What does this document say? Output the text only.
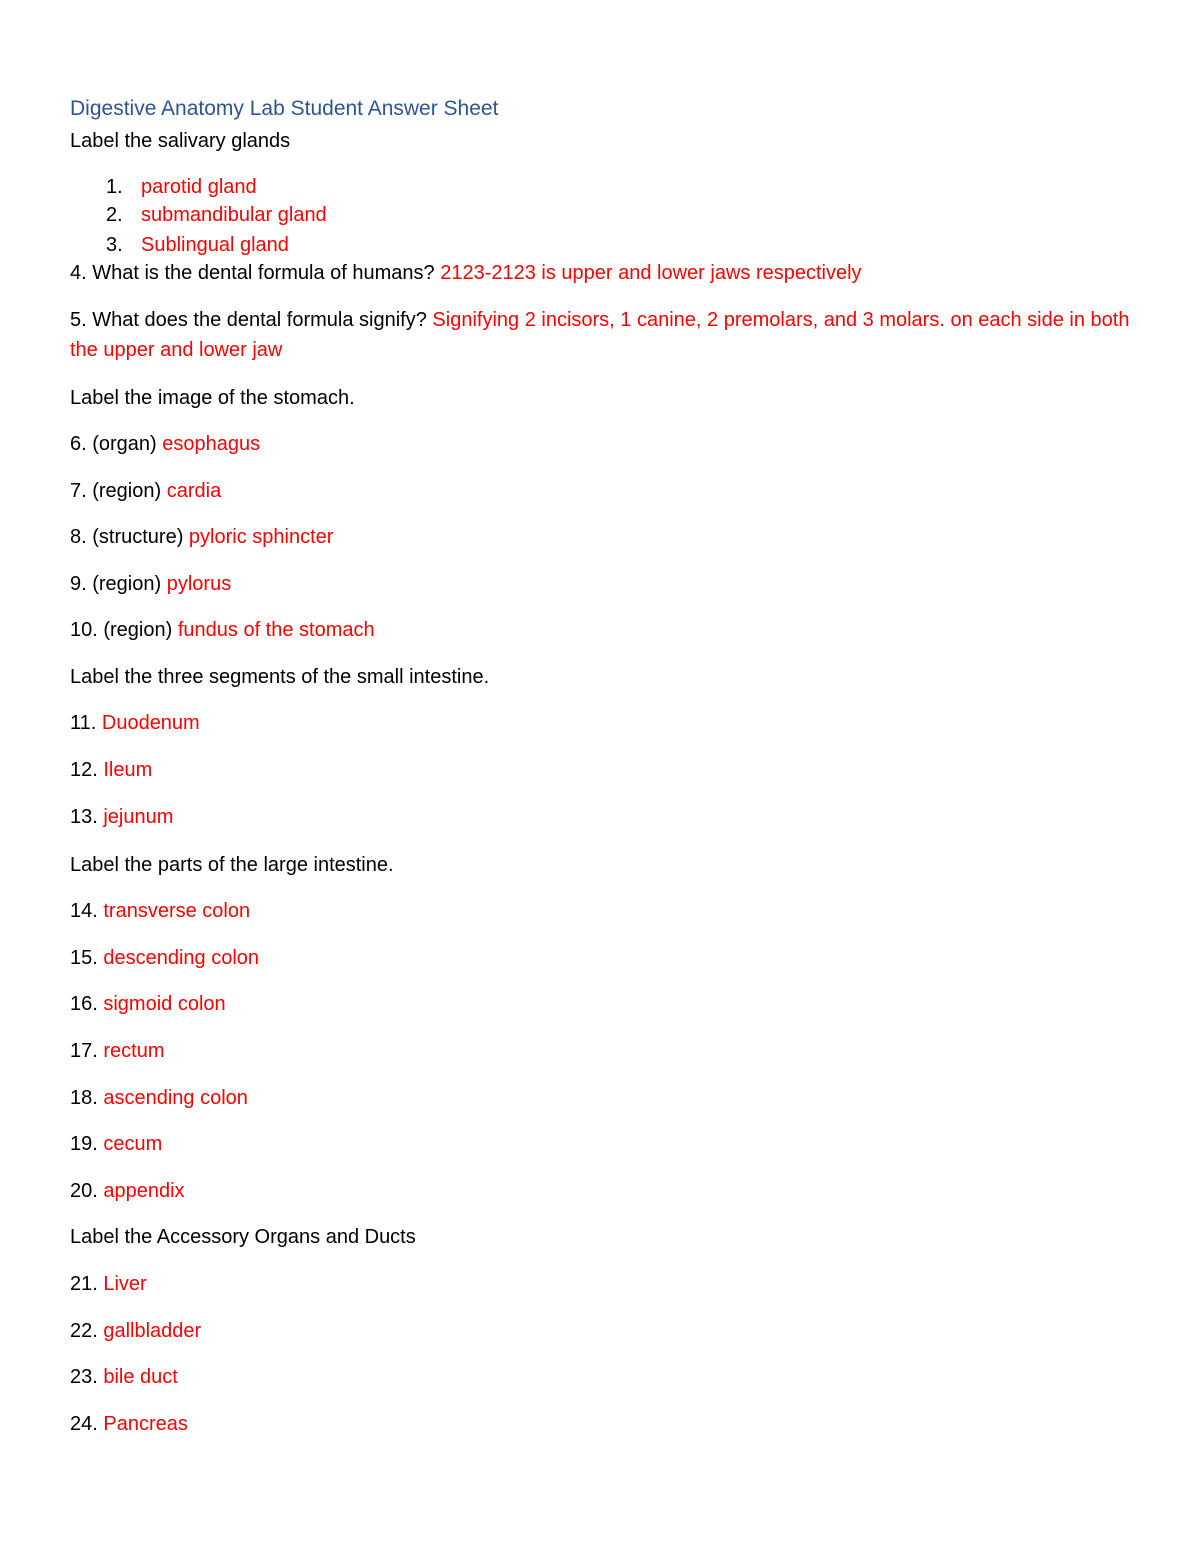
Digestive Anatomy Lab Student Answer Sheet
Label the salivary glands
1. parotid gland
2. submandibular gland
3. Sublingual gland
4. What is the dental formula of humans? 2123-2123 is upper and lower jaws respectively
5. What does the dental formula signify? Signifying 2 incisors, 1 canine, 2 premolars, and 3 molars. on each side in both the upper and lower jaw
Label the image of the stomach.
6. (organ) esophagus
7. (region) cardia
8. (structure) pyloric sphincter
9. (region) pylorus
10. (region) fundus of the stomach
Label the three segments of the small intestine.
11. Duodenum
12. Ileum
13. jejunum
Label the parts of the large intestine.
14. transverse colon
15. descending colon
16. sigmoid colon
17. rectum
18. ascending colon
19. cecum
20. appendix
Label the Accessory Organs and Ducts
21. Liver
22. gallbladder
23. bile duct
24. Pancreas
